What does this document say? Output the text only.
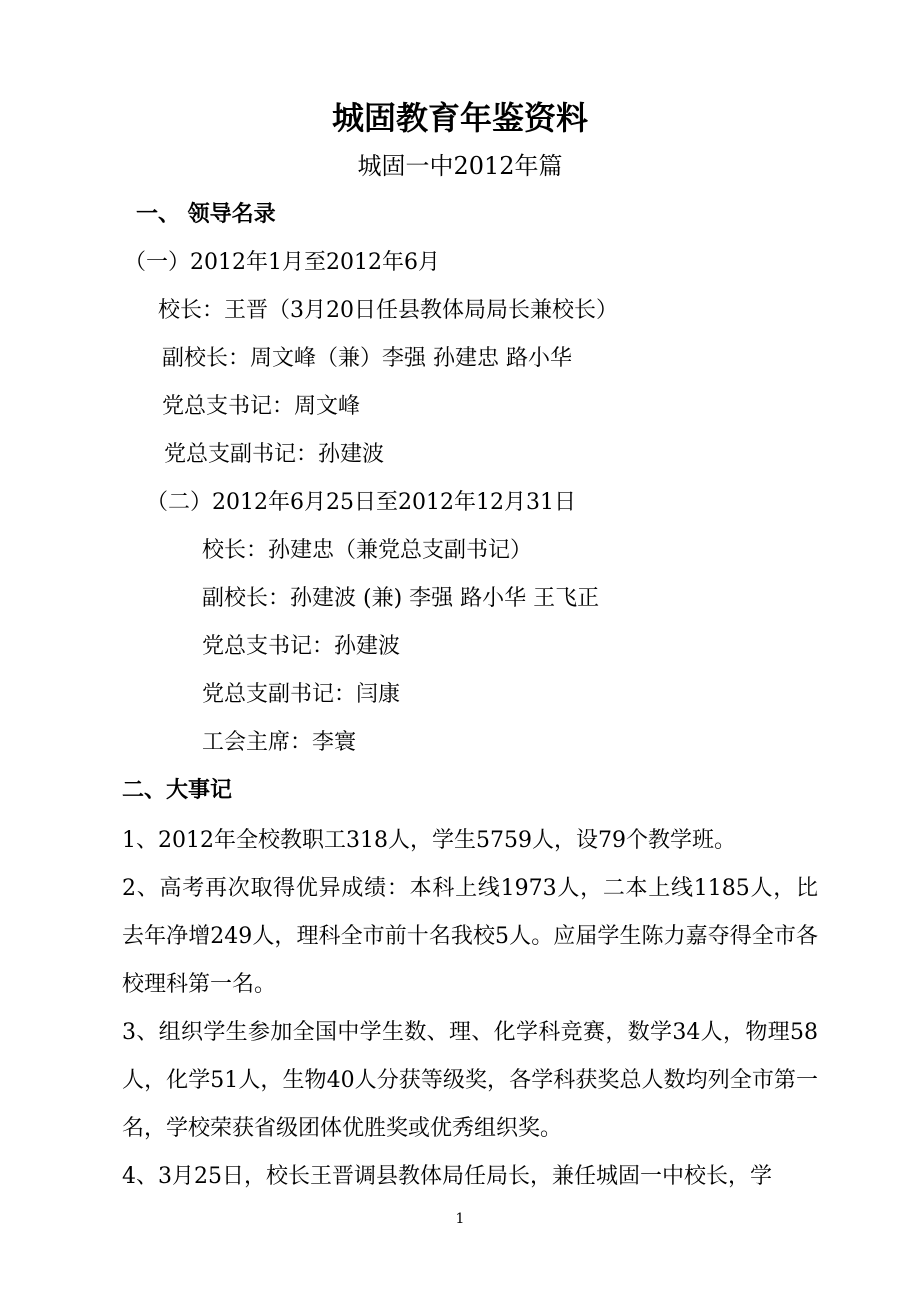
城固教育年鉴资料
城固一中2012年篇
一、 领导名录
（一）2012年1月至2012年6月
校长：王晋（3月20日任县教体局局长兼校长）
副校长：周文峰（兼）李强 孙建忠 路小华
党总支书记：周文峰
党总支副书记：孙建波
（二）2012年6月25日至2012年12月31日
校长：孙建忠（兼党总支副书记）
副校长：孙建波 (兼) 李强 路小华 王飞正
党总支书记：孙建波
党总支副书记：闫康
工会主席：李寰
二、大事记
1、2012年全校教职工318人，学生5759人，设79个教学班。
2、高考再次取得优异成绩：本科上线1973人，二本上线1185人，比去年净增249人，理科全市前十名我校5人。应届学生陈力嘉夺得全市各校理科第一名。
3、组织学生参加全国中学生数、理、化学科竞赛，数学34人，物理58人，化学51人，生物40人分获等级奖，各学科获奖总人数均列全市第一名，学校荣获省级团体优胜奖或优秀组织奖。
4、3月25日，校长王晋调县教体局任局长，兼任城固一中校长，学
1
